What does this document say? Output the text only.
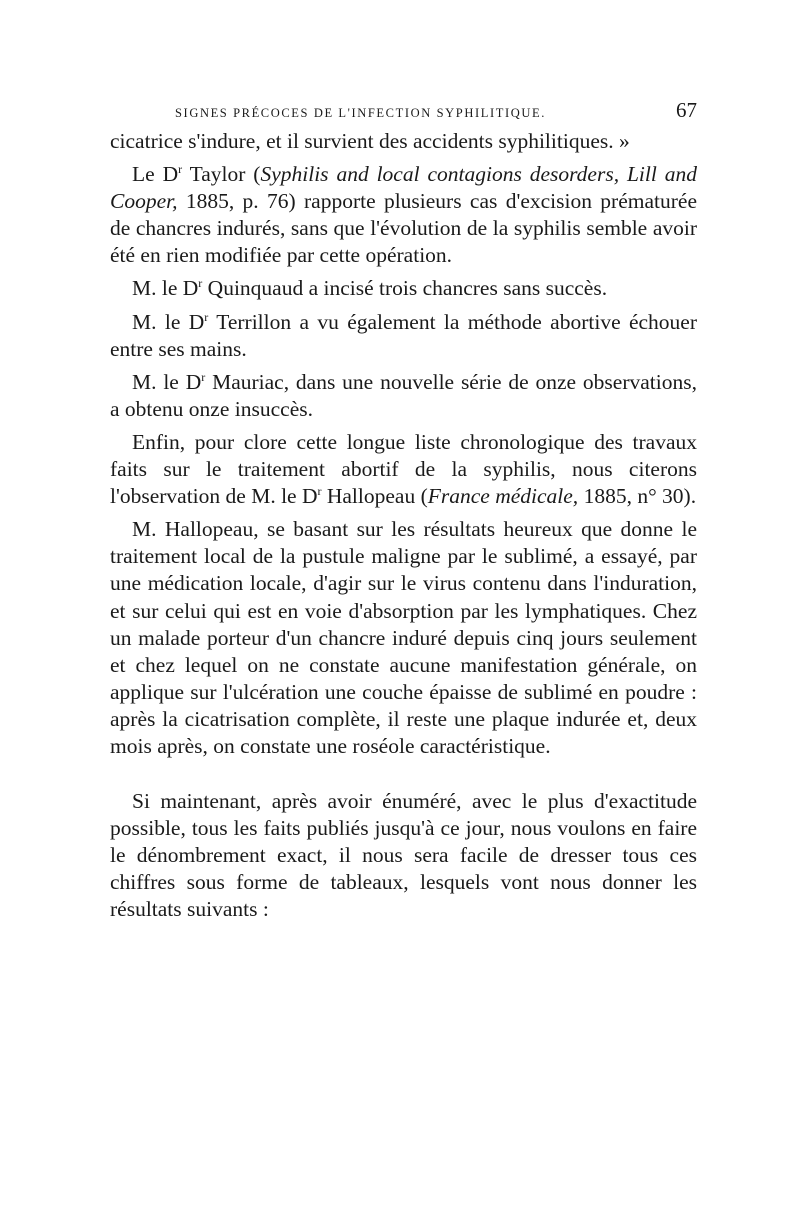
SIGNES PRÉCOCES DE L'INFECTION SYPHILITIQUE.	67

cicatrice s'indure, et il survient des accidents syphilitiques. »

Le $D^r$ Taylor (Syphilis and local contagions desorders, Lill and Cooper, 1885, p. 76) rapporte plusieurs cas d'excision prématurée de chancres indurés, sans que l'évolution de la syphilis semble avoir été en rien modifiée par cette opération.

M. le $D^r$ Quinquaud a incisé trois chancres sans succès.

M. le $D^r$ Terrillon a vu également la méthode abortive échouer entre ses mains.

M. le $D^r$ Mauriac, dans une nouvelle série de onze observations, a obtenu onze insuccès.

Enfin, pour clore cette longue liste chronologique des travaux faits sur le traitement abortif de la syphilis, nous citerons l'observation de M. le $D^r$ Hallopeau (France médicale, 1885, n° 30).

M. Hallopeau, se basant sur les résultats heureux que donne le traitement local de la pustule maligne par le sublimé, a essayé, par une médication locale, d'agir sur le virus contenu dans l'induration, et sur celui qui est en voie d'absorption par les lymphatiques. Chez un malade porteur d'un chancre induré depuis cinq jours seulement et chez lequel on ne constate aucune manifestation générale, on applique sur l'ulcération une couche épaisse de sublimé en poudre : après la cicatrisation complète, il reste une plaque indurée et, deux mois après, on constate une roséole caractéristique.

Si maintenant, après avoir énuméré, avec le plus d'exactitude possible, tous les faits publiés jusqu'à ce jour, nous voulons en faire le dénombrement exact, il nous sera facile de dresser tous ces chiffres sous forme de tableaux, lesquels vont nous donner les résultats suivants :
